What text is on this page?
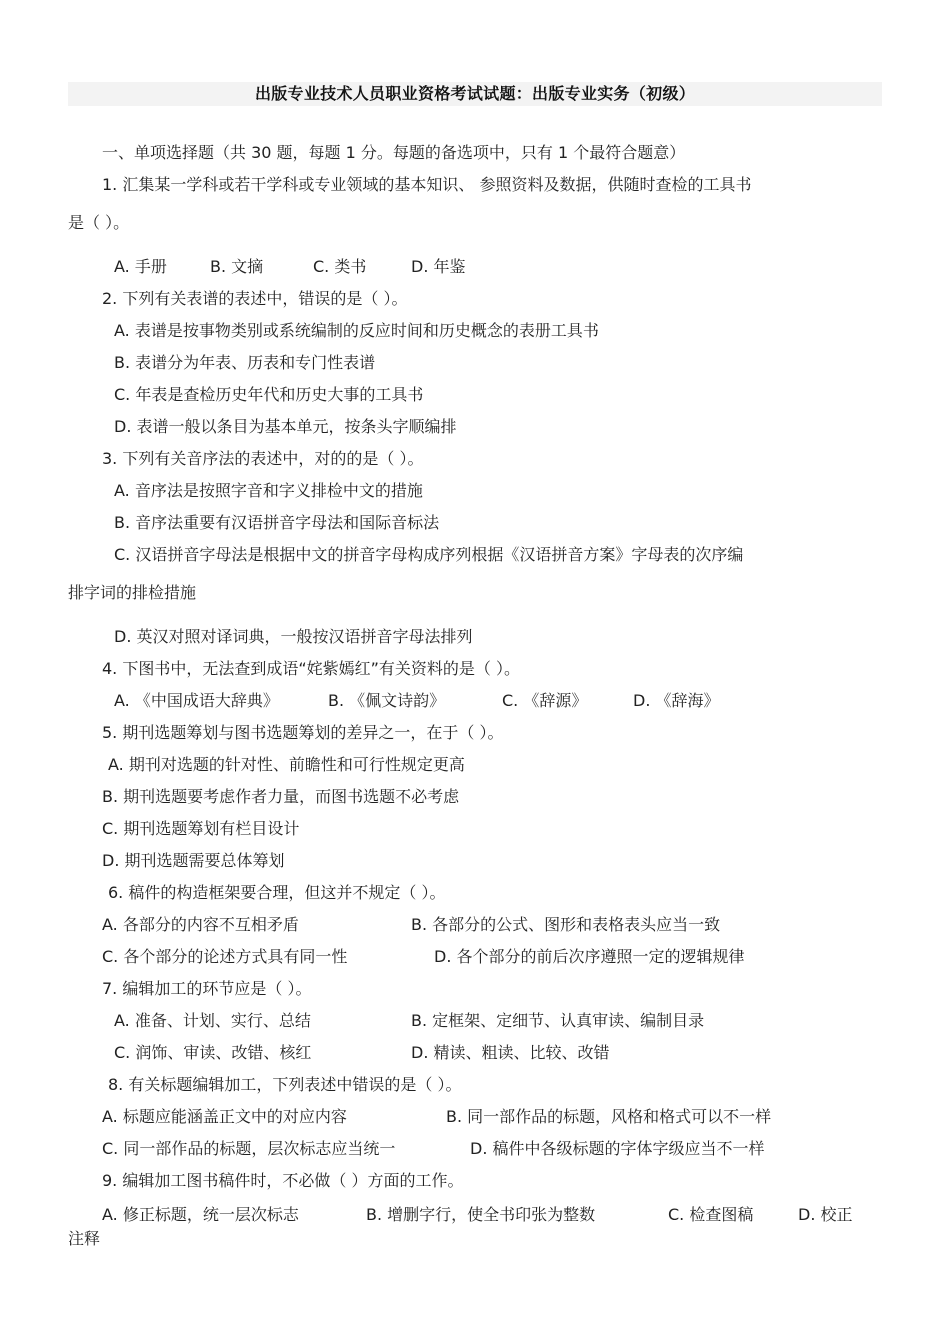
出版专业技术人员职业资格考试试题：出版专业实务（初级）
一、单项选择题（共 30 题，每题 1 分。每题的备选项中，只有 1 个最符合题意）
1. 汇集某一学科或若干学科或专业领域的基本知识、 参照资料及数据，供随时查检的工具书
是（ ）。
A. 手册	B. 文摘	C. 类书	D. 年鉴
2. 下列有关表谱的表述中，错误的是（ ）。
A. 表谱是按事物类别或系统编制的反应时间和历史概念的表册工具书
B. 表谱分为年表、历表和专门性表谱
C. 年表是查检历史年代和历史大事的工具书
D. 表谱一般以条目为基本单元，按条头字顺编排
3. 下列有关音序法的表述中，对的的是（ ）。
A. 音序法是按照字音和字义排检中文的措施
B. 音序法重要有汉语拼音字母法和国际音标法
C. 汉语拼音字母法是根据中文的拼音字母构成序列根据《汉语拼音方案》字母表的次序编
排字词的排检措施
D. 英汉对照对译词典，一般按汉语拼音字母法排列
4. 下图书中，无法查到成语“姹紫嫣红”有关资料的是（ ）。
A. 《中国成语大辞典》	B. 《佩文诗韵》	C. 《辞源》	D. 《辞海》
5. 期刊选题筹划与图书选题筹划的差异之一，在于（ ）。
A. 期刊对选题的针对性、前瞻性和可行性规定更高
B. 期刊选题要考虑作者力量，而图书选题不必考虑
C. 期刊选题筹划有栏目设计
D. 期刊选题需要总体筹划
6. 稿件的构造框架要合理，但这并不规定（ ）。
A. 各部分的内容不互相矛盾	B. 各部分的公式、图形和表格表头应当一致
C. 各个部分的论述方式具有同一性	D. 各个部分的前后次序遵照一定的逻辑规律
7. 编辑加工的环节应是（ ）。
A. 准备、计划、实行、总结	B. 定框架、定细节、认真审读、编制目录
C. 润饰、审读、改错、核红	D. 精读、粗读、比较、改错
8. 有关标题编辑加工，下列表述中错误的是（ ）。
A. 标题应能涵盖正文中的对应内容	B. 同一部作品的标题，风格和格式可以不一样
C. 同一部作品的标题，层次标志应当统一	D. 稿件中各级标题的字体字级应当不一样
9. 编辑加工图书稿件时，不必做（ ）方面的工作。
A. 修正标题，统一层次标志	B. 增删字行，使全书印张为整数	C. 检查图稿	D. 校正
注释
